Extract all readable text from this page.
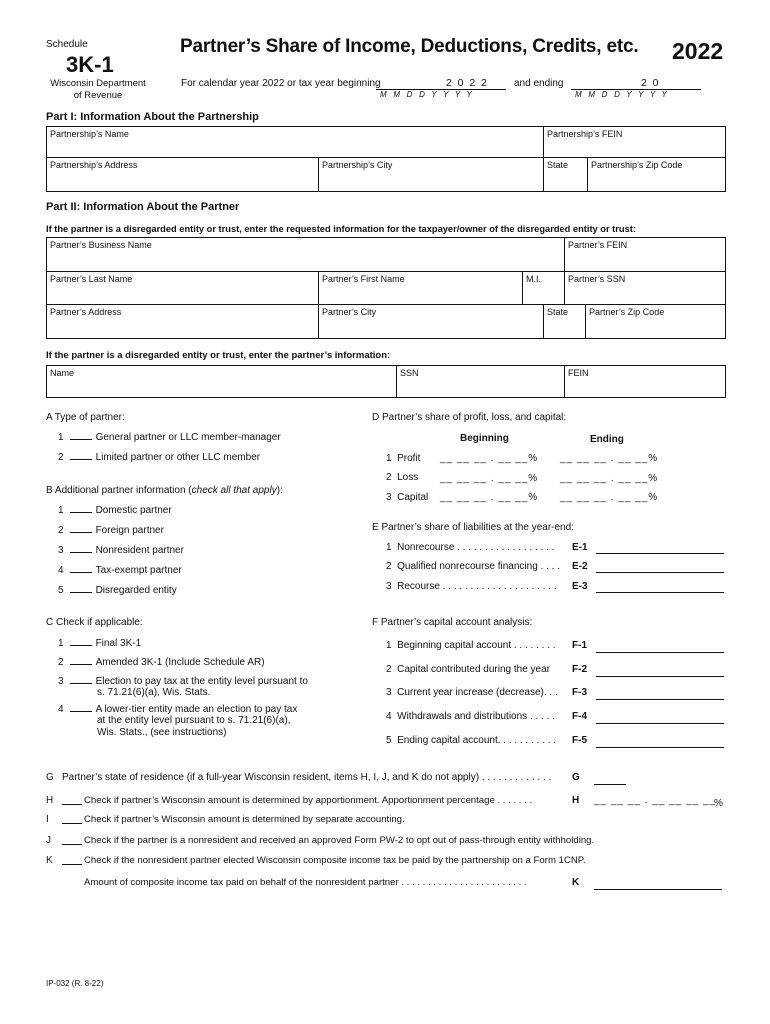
Schedule
3K-1
Wisconsin Department
of Revenue
Partner’s Share of Income, Deductions, Credits, etc. 2022
For calendar year 2022 or tax year beginning	2  0  2  2
M   M   D   D   Y   Y   Y   Y
and ending	2  0
M   M   D   D   Y   Y   Y   Y
Part I: Information About the Partnership
Partnership’s Name	Partnership’s FEIN
Partnership’s Address	Partnership’s City	State	Partnership’s Zip Code
Part II: Information About the Partner
If the partner is a disregarded entity or trust, enter the requested information for the taxpayer/owner of the disregarded entity or trust:
Partner’s Business Name	Partner’s FEIN
Partner’s Last Name	Partner’s First Name	M.I.	Partner’s SSN
Partner’s Address	Partner’s City	State	Partner’s Zip Code
If the partner is a disregarded entity or trust, enter the partner’s information:
Name	SSN	FEIN
A Type of partner:
1	General partner or LLC member-manager
2	Limited partner or other LLC member
B Additional partner information (check all that apply):
1	Domestic partner
2	Foreign partner
3	Nonresident partner
4	Tax-exempt partner
5	Disregarded entity
C Check if applicable:
1	Final 3K-1
2	Amended 3K-1 (Include Schedule AR)
3	Election to pay tax at the entity level pursuant to
s. 71.21(6)(a), Wis. Stats.
4	A lower-tier entity made an election to pay tax
at the entity level pursuant to s. 71.21(6)(a),
Wis. Stats., (see instructions)
D Partner’s share of profit, loss, and capital:
Beginning	Ending
1 Profit __ __ __ . __ __% __ __ __ . __ __%
2 Loss __ __ __ . __ __% __ __ __ . __ __%
3 Capital __ __ __ . __ __% __ __ __ . __ __%
E Partner’s share of liabilities at the year-end:
1 Nonrecourse . . . . . . . . . . . . . . . . . . E-1
2 Qualified nonrecourse financing . . . . E-2
3 Recourse . . . . . . . . . . . . . . . . . . . . . E-3
F Partner’s capital account analysis:
1 Beginning capital account . . . . . . . . F-1
2 Capital contributed during the year F-2
3 Current year increase (decrease). . . F-3
4 Withdrawals and distributions . . . . . F-4
5 Ending capital account. . . . . . . . . . . F-5
G Partner’s state of residence (if a full-year Wisconsin resident, items H, I, J, and K do not apply) . . . . . . . . . . . . . G
H	Check if partner’s Wisconsin amount is determined by apportionment. Apportionment percentage . . . . . . .	H __ __ __ . __ __ __ __
%
I	Check if partner’s Wisconsin amount is determined by separate accounting.
J	Check if the partner is a nonresident and received an approved Form PW-2 to opt out of pass-through entity withholding.
K	Check if the nonresident partner elected Wisconsin composite income tax be paid by the partnership on a Form 1CNP.
Amount of composite income tax paid on behalf of the nonresident partner . . . . . . . . . . . . . . . . . . . . . . . .	K
IP-032 (R. 8-22)
